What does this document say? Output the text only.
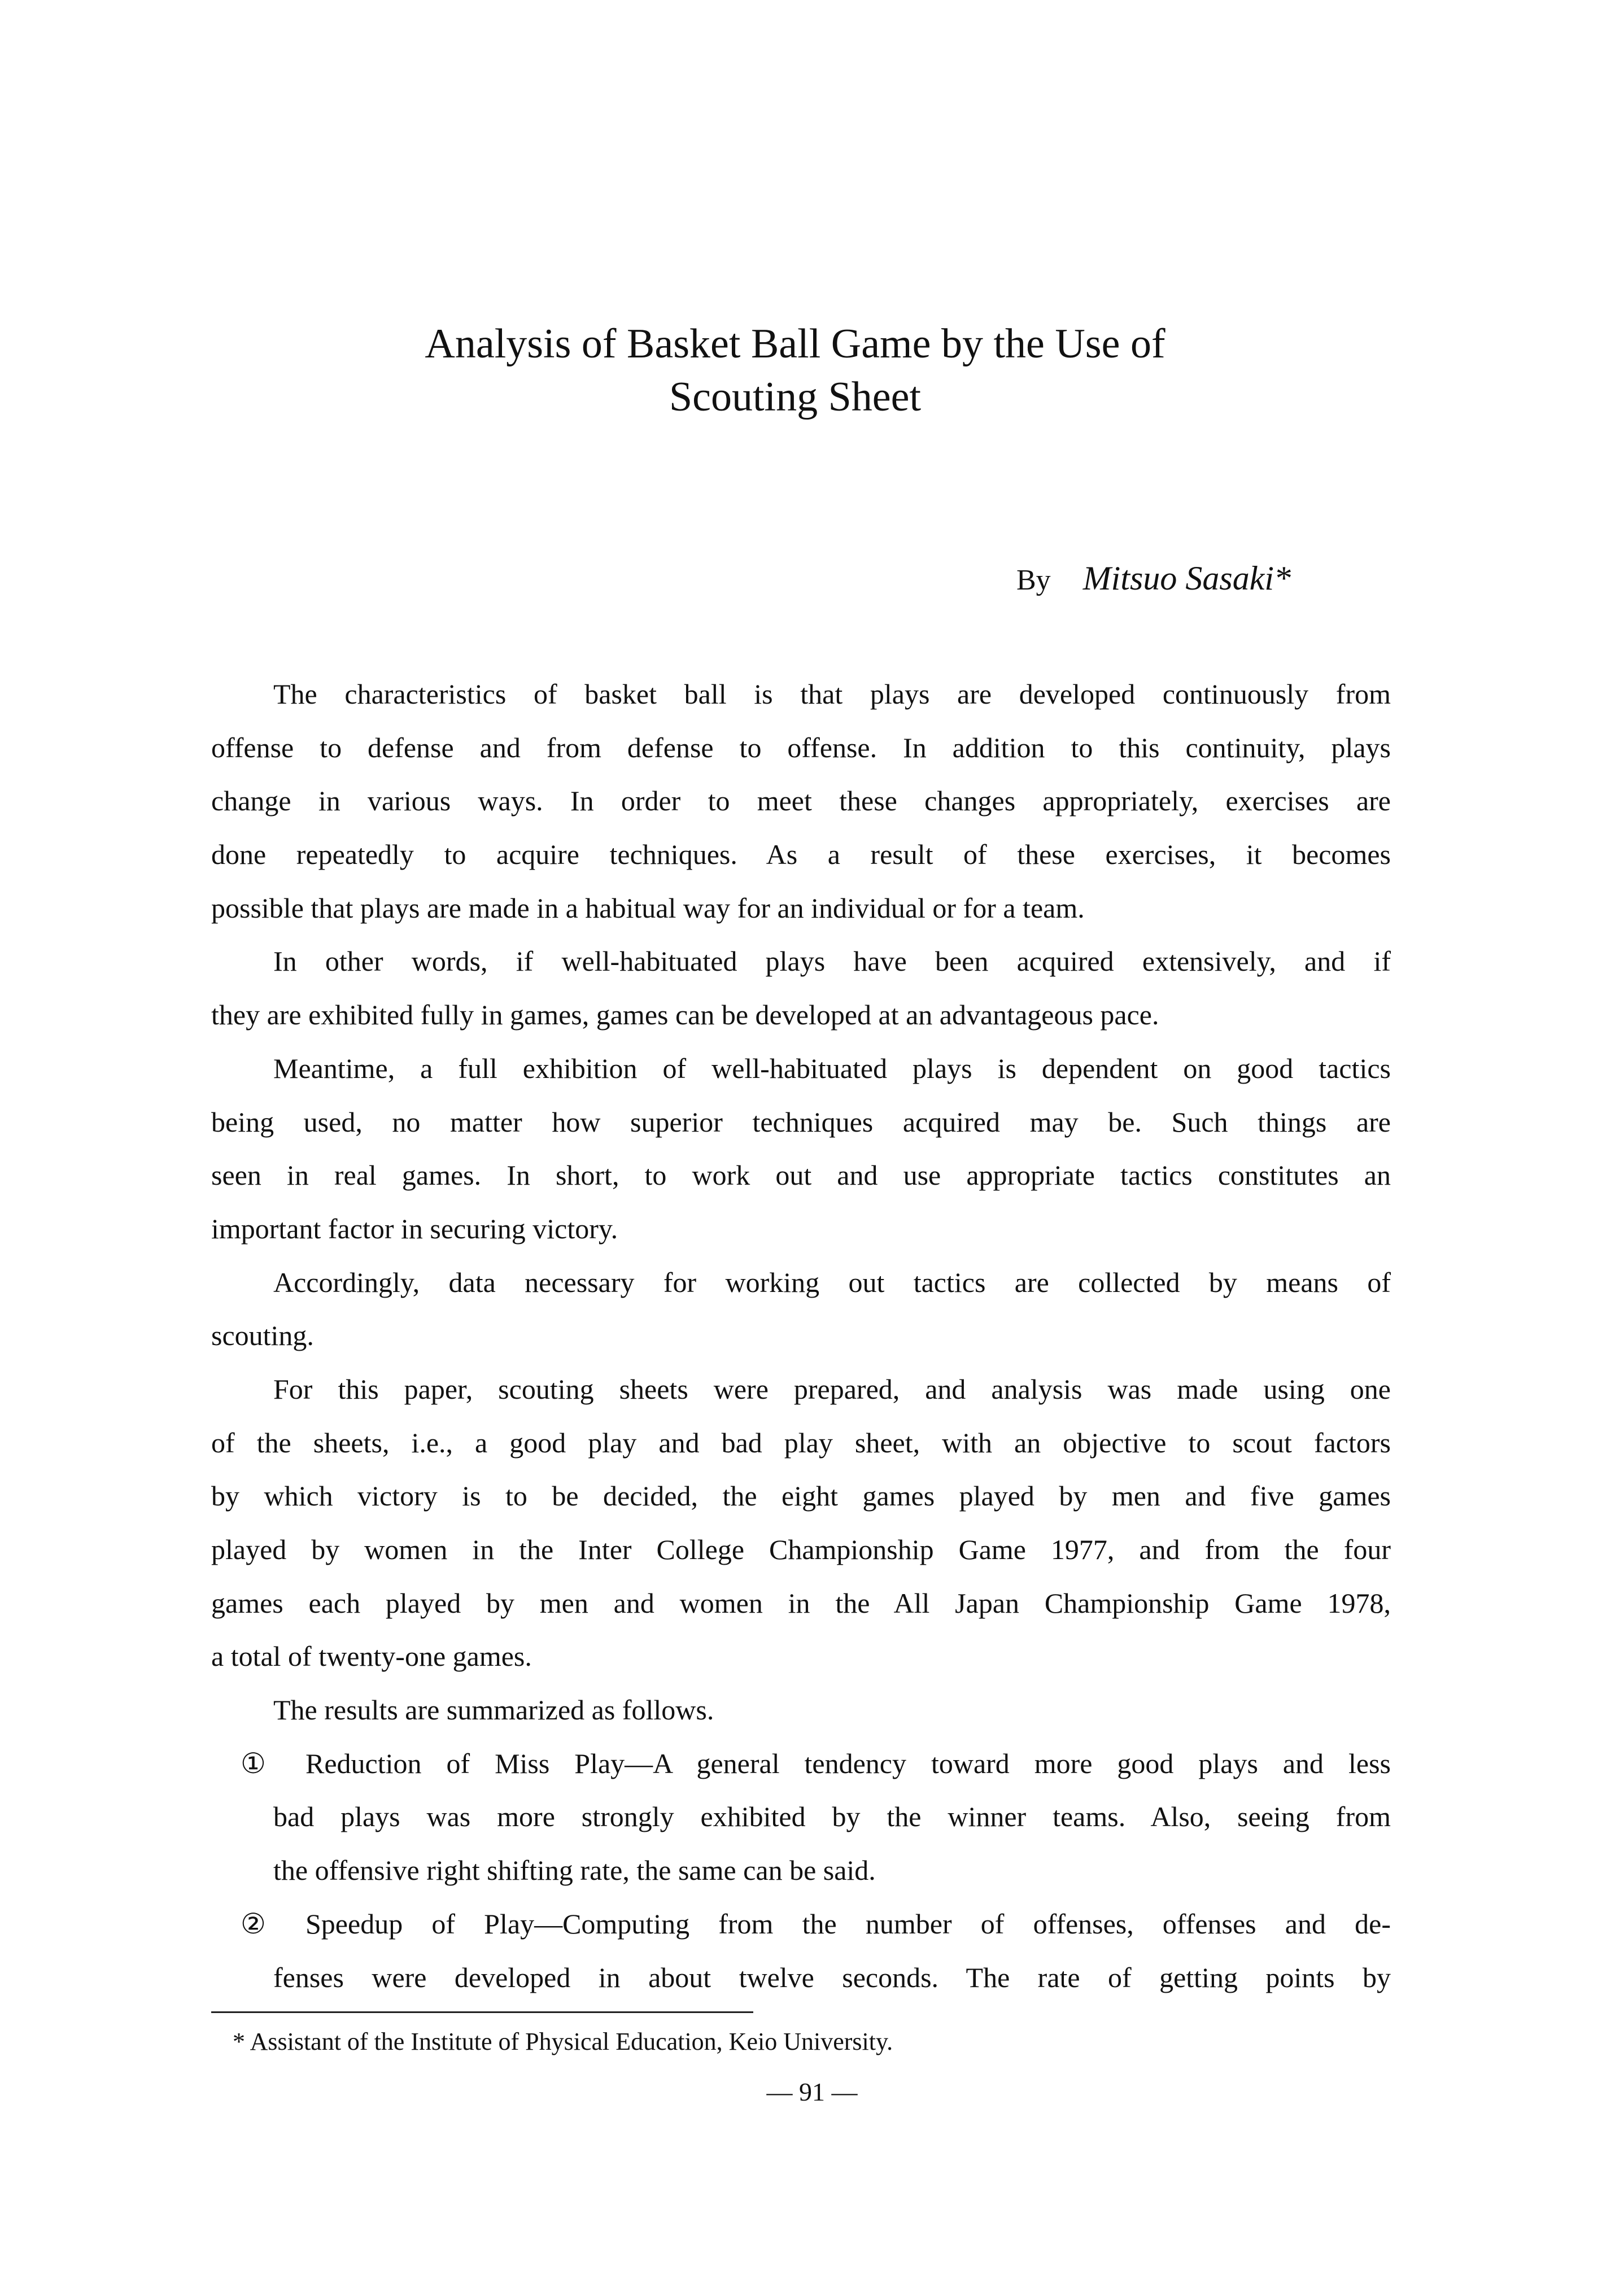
Analysis of Basket Ball Game by the Use of
Scouting Sheet
By Mitsuo Sasaki*
The characteristics of basket ball is that plays are developed continuously from
offense to defense and from defense to offense. In addition to this continuity, plays
change in various ways. In order to meet these changes appropriately, exercises are
done repeatedly to acquire techniques. As a result of these exercises, it becomes
possible that plays are made in a habitual way for an individual or for a team.
In other words, if well-habituated plays have been acquired extensively, and if
they are exhibited fully in games, games can be developed at an advantageous pace.
Meantime, a full exhibition of well-habituated plays is dependent on good tactics
being used, no matter how superior techniques acquired may be. Such things are
seen in real games. In short, to work out and use appropriate tactics constitutes an
important factor in securing victory.
Accordingly, data necessary for working out tactics are collected by means of
scouting.
For this paper, scouting sheets were prepared, and analysis was made using one
of the sheets, i.e., a good play and bad play sheet, with an objective to scout factors
by which victory is to be decided, the eight games played by men and five games
played by women in the Inter College Championship Game 1977, and from the four
games each played by men and women in the All Japan Championship Game 1978,
a total of twenty-one games.
The results are summarized as follows.
① Reduction of Miss Play—A general tendency toward more good plays and less
bad plays was more strongly exhibited by the winner teams. Also, seeing from
the offensive right shifting rate, the same can be said.
② Speedup of Play—Computing from the number of offenses, offenses and de-
fenses were developed in about twelve seconds. The rate of getting points by
* Assistant of the Institute of Physical Education, Keio University.
— 91 —
